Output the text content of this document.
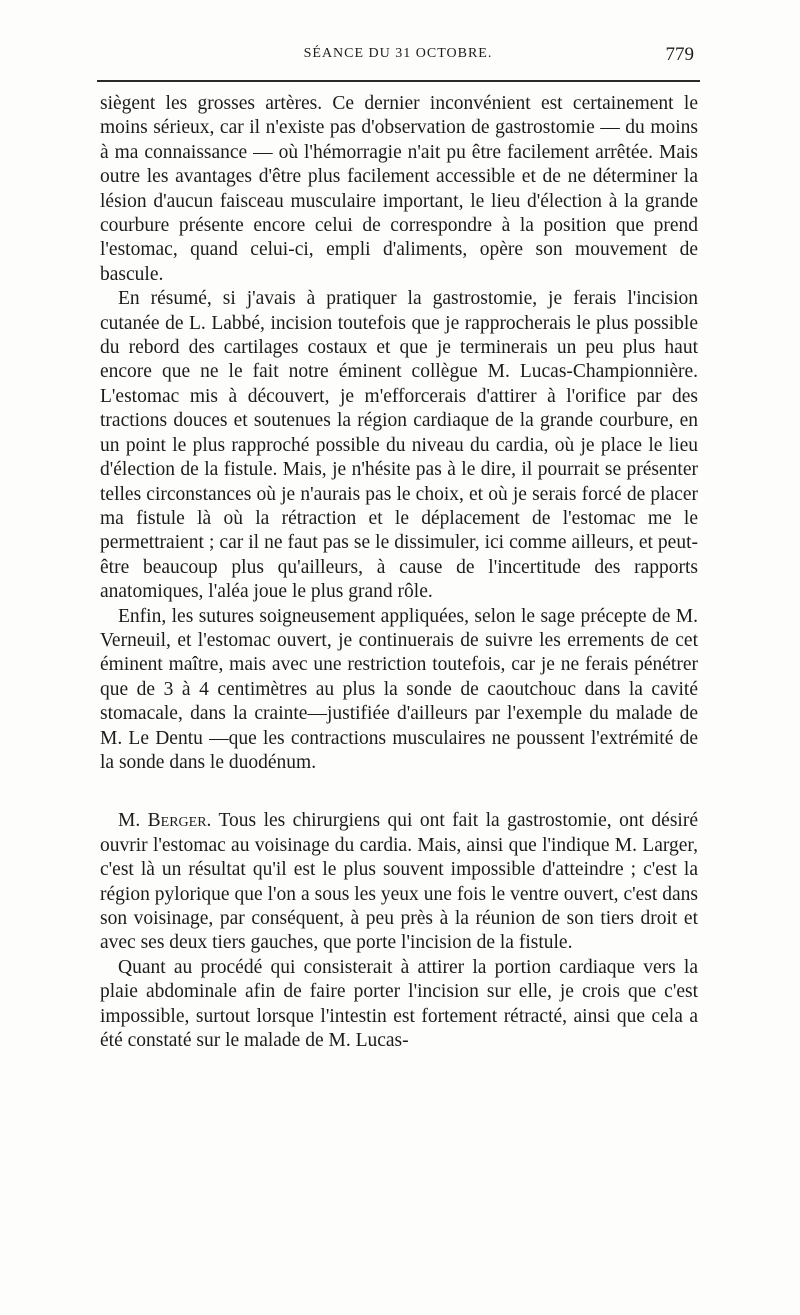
SÉANCE DU 31 OCTOBRE.	779

siègent les grosses artères. Ce dernier inconvénient est certainement le moins sérieux, car il n'existe pas d'observation de gastrostomie — du moins à ma connaissance — où l'hémorragie n'ait pu être facilement arrêtée. Mais outre les avantages d'être plus facilement accessible et de ne déterminer la lésion d'aucun faisceau musculaire important, le lieu d'élection à la grande courbure présente encore celui de correspondre à la position que prend l'estomac, quand celui-ci, empli d'aliments, opère son mouvement de bascule.

En résumé, si j'avais à pratiquer la gastrostomie, je ferais l'incision cutanée de L. Labbé, incision toutefois que je rapprocherais le plus possible du rebord des cartilages costaux et que je terminerais un peu plus haut encore que ne le fait notre éminent collègue M. Lucas-Championnière. L'estomac mis à découvert, je m'efforcerais d'attirer à l'orifice par des tractions douces et soutenues la région cardiaque de la grande courbure, en un point le plus rapproché possible du niveau du cardia, où je place le lieu d'élection de la fistule. Mais, je n'hésite pas à le dire, il pourrait se présenter telles circonstances où je n'aurais pas le choix, et où je serais forcé de placer ma fistule là où la rétraction et le déplacement de l'estomac me le permettraient ; car il ne faut pas se le dissimuler, ici comme ailleurs, et peut-être beaucoup plus qu'ailleurs, à cause de l'incertitude des rapports anatomiques, l'aléa joue le plus grand rôle.

Enfin, les sutures soigneusement appliquées, selon le sage précepte de M. Verneuil, et l'estomac ouvert, je continuerais de suivre les errements de cet éminent maître, mais avec une restriction toutefois, car je ne ferais pénétrer que de 3 à 4 centimètres au plus la sonde de caoutchouc dans la cavité stomacale, dans la crainte—justifiée d'ailleurs par l'exemple du malade de M. Le Dentu —que les contractions musculaires ne poussent l'extrémité de la sonde dans le duodénum.

M. Berger. Tous les chirurgiens qui ont fait la gastrostomie, ont désiré ouvrir l'estomac au voisinage du cardia. Mais, ainsi que l'indique M. Larger, c'est là un résultat qu'il est le plus souvent impossible d'atteindre ; c'est la région pylorique que l'on a sous les yeux une fois le ventre ouvert, c'est dans son voisinage, par conséquent, à peu près à la réunion de son tiers droit et avec ses deux tiers gauches, que porte l'incision de la fistule.

Quant au procédé qui consisterait à attirer la portion cardiaque vers la plaie abdominale afin de faire porter l'incision sur elle, je crois que c'est impossible, surtout lorsque l'intestin est fortement rétracté, ainsi que cela a été constaté sur le malade de M. Lucas-
